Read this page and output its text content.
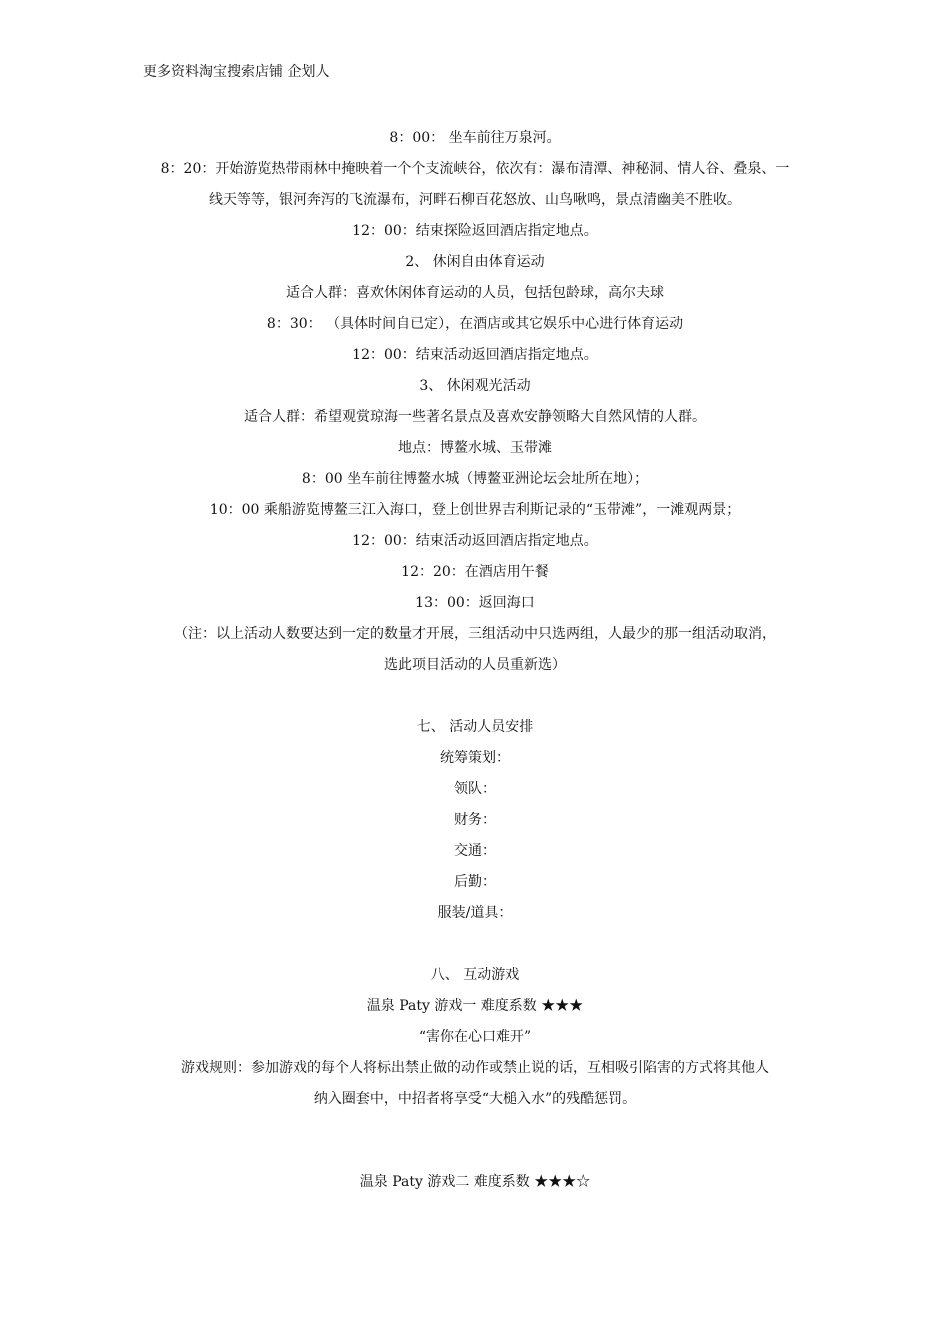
更多资料淘宝搜索店铺 企划人
8：00： 坐车前往万泉河。
8：20：开始游览热带雨林中掩映着一个个支流峡谷，依次有：瀑布清潭、神秘洞、情人谷、叠泉、一
线天等等，银河奔泻的飞流瀑布，河畔石柳百花怒放、山鸟啾鸣，景点清幽美不胜收。
12：00：结束探险返回酒店指定地点。
2、 休闲自由体育运动
适合人群：喜欢休闲体育运动的人员，包括包龄球，高尔夫球
8：30： （具体时间自已定），在酒店或其它娱乐中心进行体育运动
12：00：结束活动返回酒店指定地点。
3、 休闲观光活动
适合人群：希望观赏琼海一些著名景点及喜欢安静领略大自然风情的人群。
地点：博鳌水城、玉带滩
8：00 坐车前往博鳌水城（博鳌亚洲论坛会址所在地）；
10：00 乘船游览博鳌三江入海口，登上创世界吉利斯记录的“玉带滩”，一滩观两景；
12：00：结束活动返回酒店指定地点。
12：20：在酒店用午餐
13：00：返回海口
（注：以上活动人数要达到一定的数量才开展，三组活动中只选两组，人最少的那一组活动取消，
选此项目活动的人员重新选）
七、 活动人员安排
统筹策划：
领队：
财务：
交通：
后勤：
服装/道具：
八、 互动游戏
温泉 Paty 游戏一 难度系数 ★★★
“害你在心口难开”
游戏规则：参加游戏的每个人将标出禁止做的动作或禁止说的话，互相吸引陷害的方式将其他人
纳入圈套中，中招者将享受“大槌入水”的残酷惩罚。
温泉 Paty 游戏二 难度系数 ★★★☆
